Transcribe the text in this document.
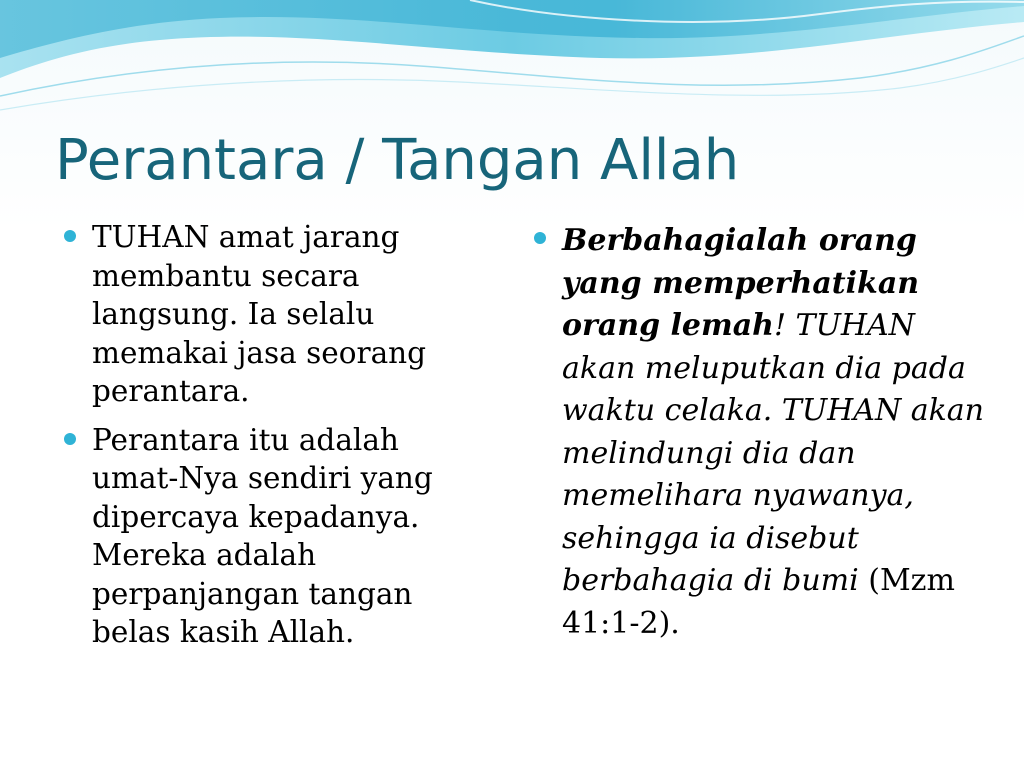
Perantara / Tangan Allah
TUHAN amat jarang membantu secara langsung. Ia selalu memakai jasa seorang perantara.
Perantara itu adalah umat-Nya sendiri yang dipercaya kepadanya. Mereka adalah perpanjangan tangan belas kasih Allah.
Berbahagialah orang yang memperhatikan orang lemah! TUHAN akan meluputkan dia pada waktu celaka. TUHAN akan melindungi dia dan memelihara nyawanya, sehingga ia disebut berbahagia di bumi (Mzm 41:1-2).
